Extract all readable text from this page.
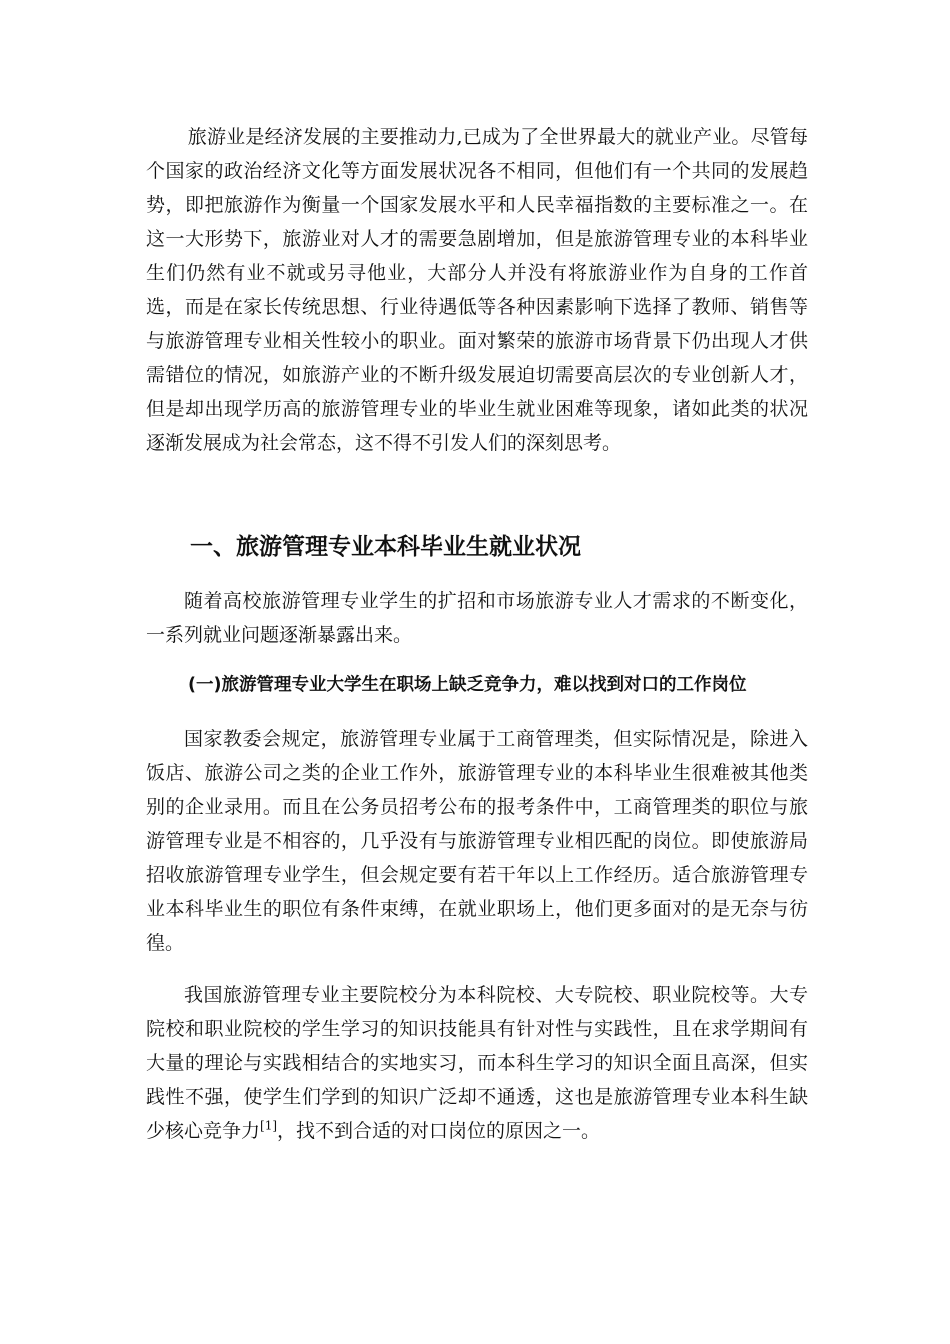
旅游业是经济发展的主要推动力,已成为了全世界最大的就业产业。尽管每个国家的政治经济文化等方面发展状况各不相同，但他们有一个共同的发展趋势，即把旅游作为衡量一个国家发展水平和人民幸福指数的主要标准之一。在这一大形势下，旅游业对人才的需要急剧增加，但是旅游管理专业的本科毕业生们仍然有业不就或另寻他业，大部分人并没有将旅游业作为自身的工作首选，而是在家长传统思想、行业待遇低等各种因素影响下选择了教师、销售等与旅游管理专业相关性较小的职业。面对繁荣的旅游市场背景下仍出现人才供需错位的情况，如旅游产业的不断升级发展迫切需要高层次的专业创新人才，但是却出现学历高的旅游管理专业的毕业生就业困难等现象，诸如此类的状况逐渐发展成为社会常态，这不得不引发人们的深刻思考。

一、旅游管理专业本科毕业生就业状况

随着高校旅游管理专业学生的扩招和市场旅游专业人才需求的不断变化，一系列就业问题逐渐暴露出来。

(一)旅游管理专业大学生在职场上缺乏竞争力，难以找到对口的工作岗位

国家教委会规定，旅游管理专业属于工商管理类，但实际情况是，除进入饭店、旅游公司之类的企业工作外，旅游管理专业的本科毕业生很难被其他类别的企业录用。而且在公务员招考公布的报考条件中，工商管理类的职位与旅游管理专业是不相容的，几乎没有与旅游管理专业相匹配的岗位。即使旅游局招收旅游管理专业学生，但会规定要有若干年以上工作经历。适合旅游管理专业本科毕业生的职位有条件束缚，在就业职场上，他们更多面对的是无奈与彷徨。

我国旅游管理专业主要院校分为本科院校、大专院校、职业院校等。大专院校和职业院校的学生学习的知识技能具有针对性与实践性，且在求学期间有大量的理论与实践相结合的实地实习，而本科生学习的知识全面且高深，但实践性不强，使学生们学到的知识广泛却不通透，这也是旅游管理专业本科生缺少核心竞争力[1]，找不到合适的对口岗位的原因之一。
